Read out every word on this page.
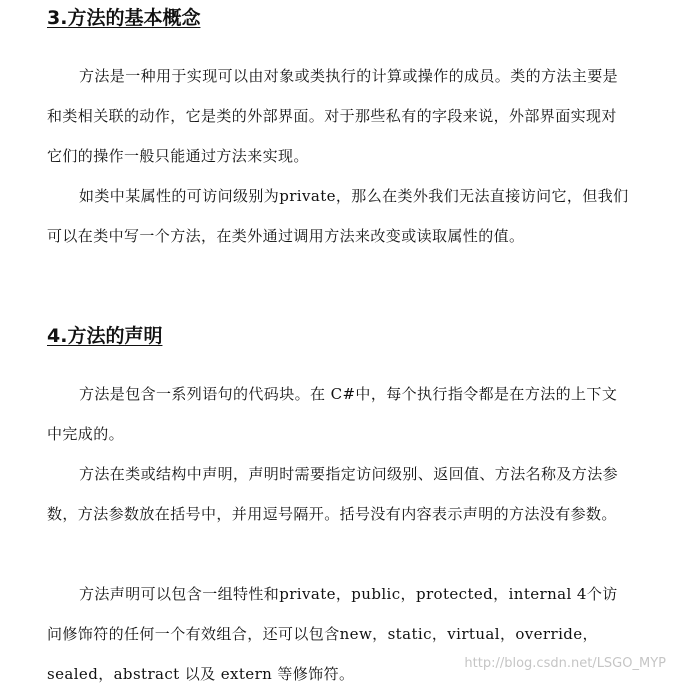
3.方法的基本概念

方法是一种用于实现可以由对象或类执行的计算或操作的成员。类的方法主要是和类相关联的动作，它是类的外部界面。对于那些私有的字段来说，外部界面实现对它们的操作一般只能通过方法来实现。

如类中某属性的可访问级别为private，那么在类外我们无法直接访问它，但我们可以在类中写一个方法，在类外通过调用方法来改变或读取属性的值。

4.方法的声明

方法是包含一系列语句的代码块。在 C#中，每个执行指令都是在方法的上下文中完成的。

方法在类或结构中声明，声明时需要指定访问级别、返回值、方法名称及方法参数，方法参数放在括号中，并用逗号隔开。括号没有内容表示声明的方法没有参数。

方法声明可以包含一组特性和private，public，protected，internal 4个访问修饰符的任何一个有效组合，还可以包含new，static，virtual，override，sealed，abstract 以及 extern 等修饰符。

http://blog.csdn.net/LSGO_MYP
